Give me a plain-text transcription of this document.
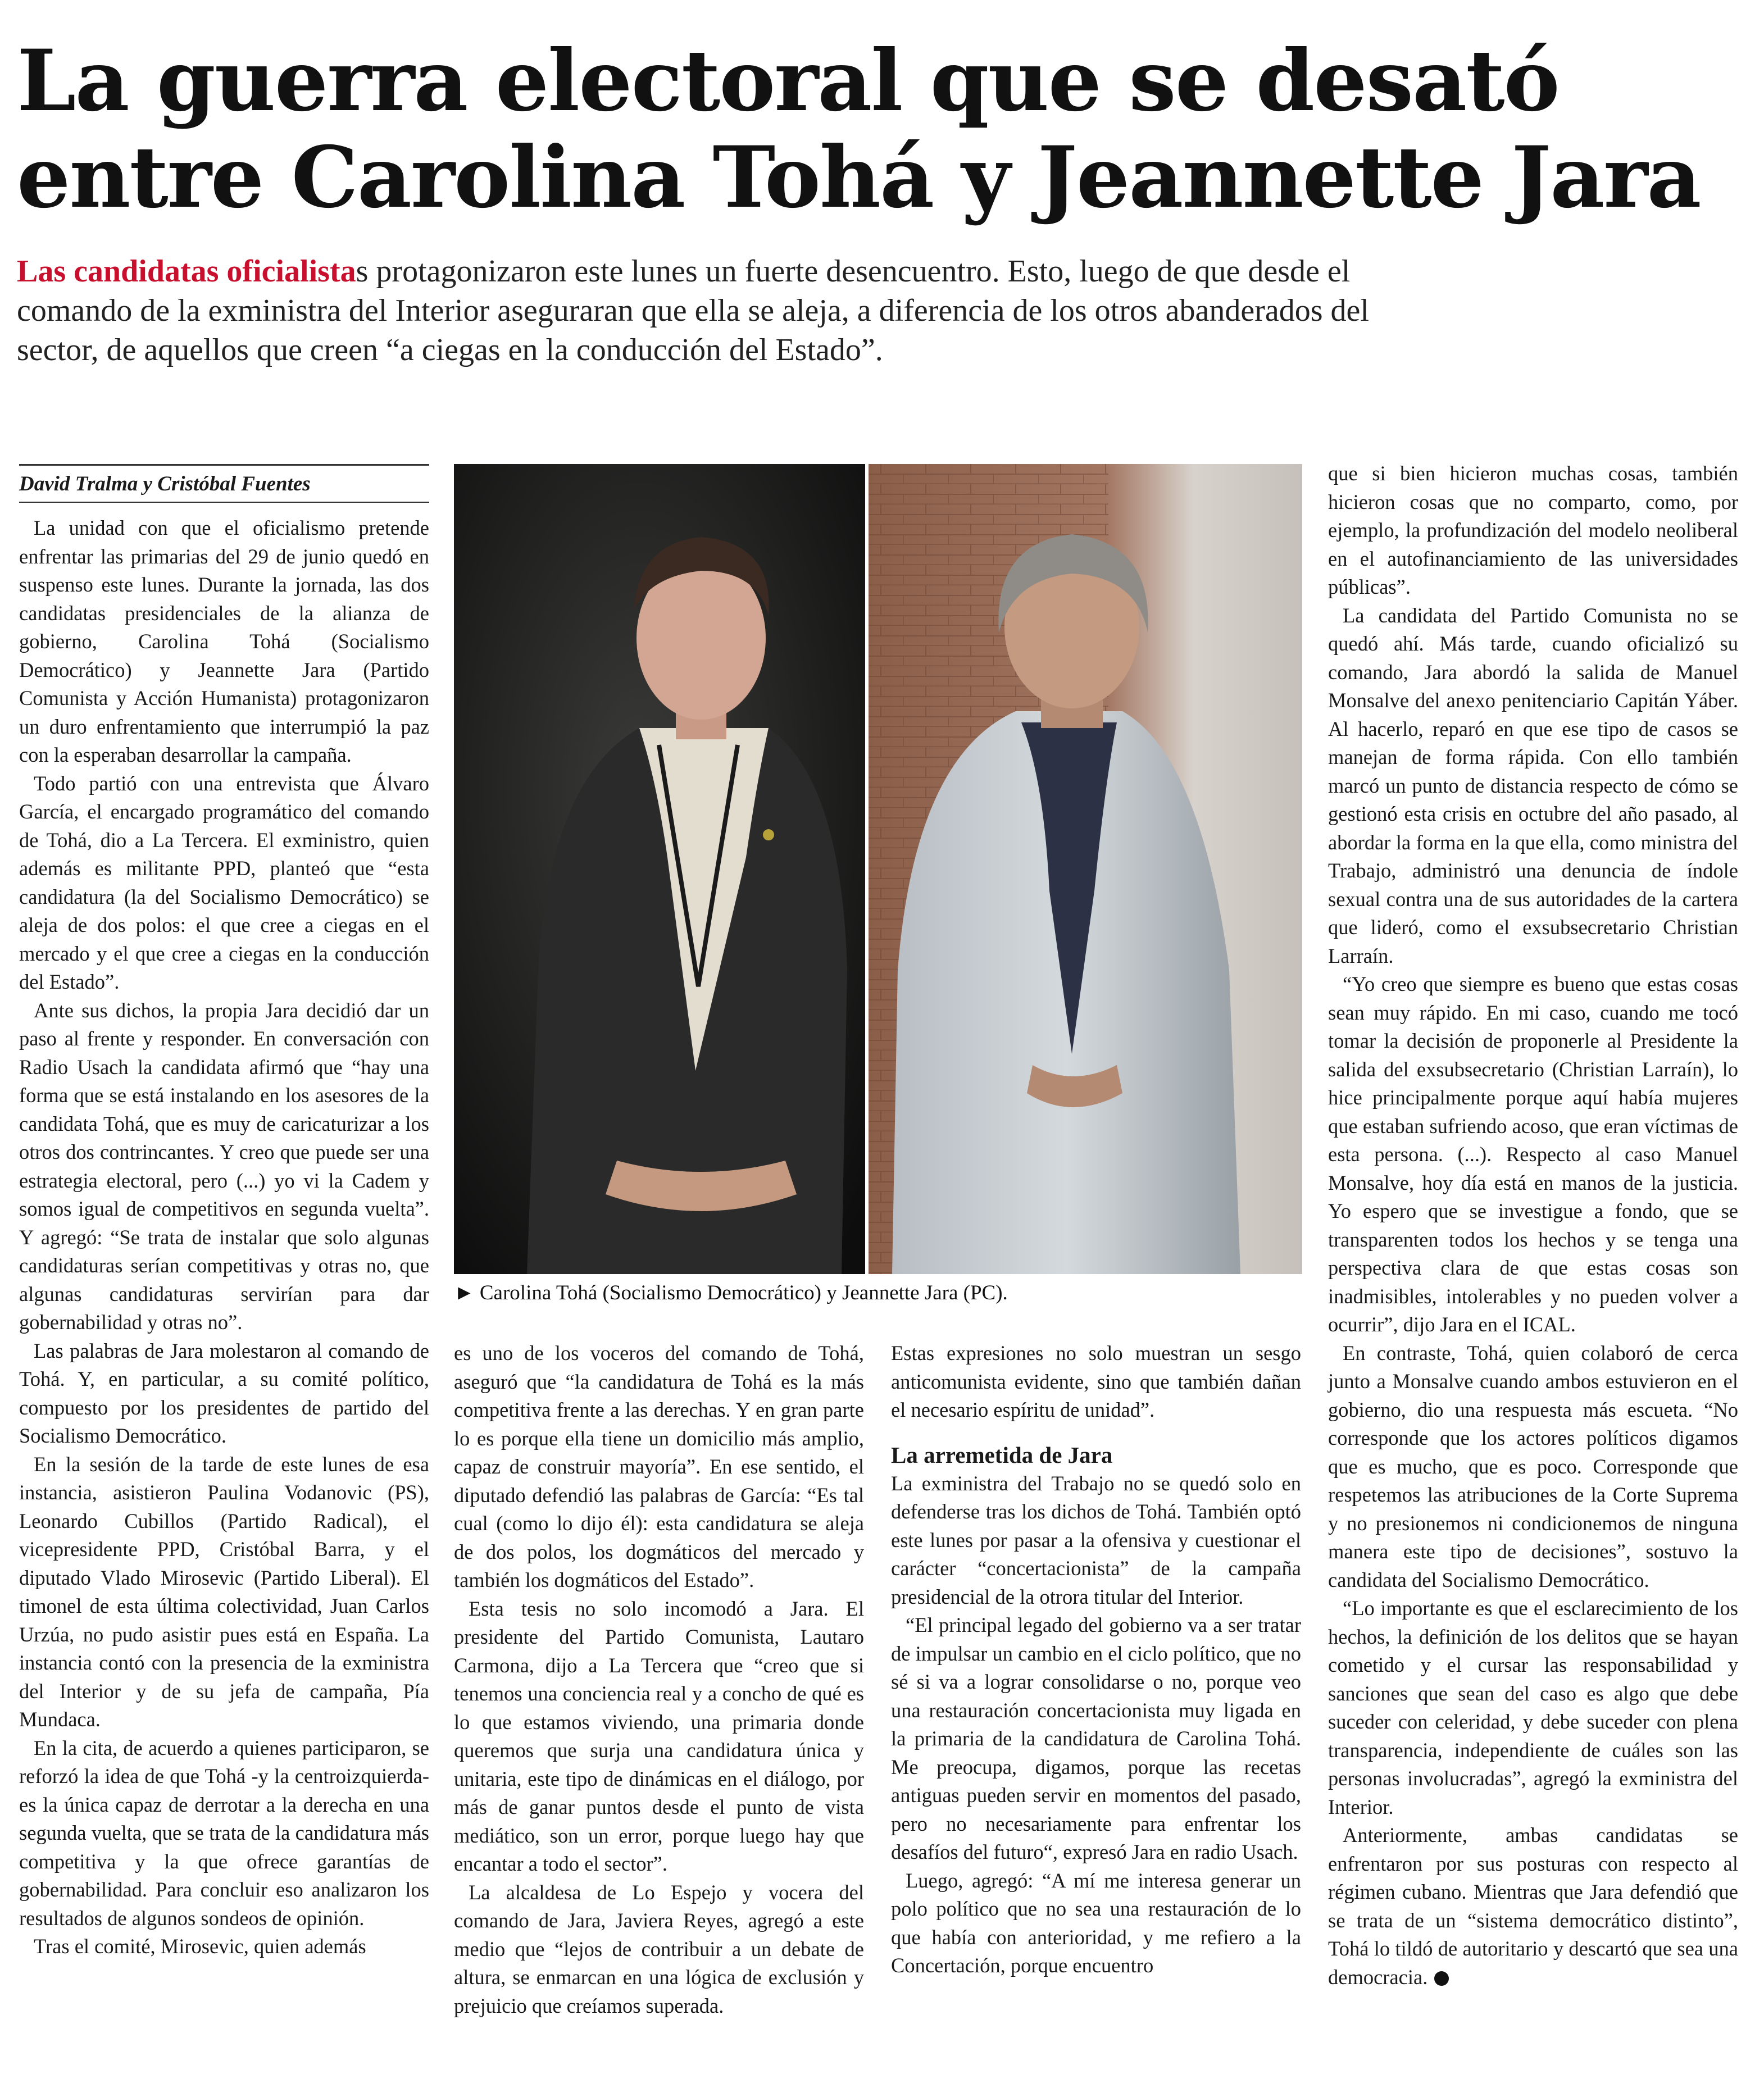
La guerra electoral que se desató
entre Carolina Tohá y Jeannette Jara

Las candidatas oficialistas protagonizaron este lunes un fuerte desencuentro. Esto, luego de que desde el comando de la exministra del Interior aseguraran que ella se aleja, a diferencia de los otros abanderados del sector, de aquellos que creen “a ciegas en la conducción del Estado”.

David Tralma y Cristóbal Fuentes

La unidad con que el oficialismo pretende enfrentar las primarias del 29 de junio quedó en suspenso este lunes. Durante la jornada, las dos candidatas presidenciales de la alianza de gobierno, Carolina Tohá (Socialismo Democrático) y Jeannette Jara (Partido Comunista y Acción Humanista) protagonizaron un duro enfrentamiento que interrumpió la paz con la esperaban desarrollar la campaña.

Todo partió con una entrevista que Álvaro García, el encargado programático del comando de Tohá, dio a La Tercera. El exministro, quien además es militante PPD, planteó que “esta candidatura (la del Socialismo Democrático) se aleja de dos polos: el que cree a ciegas en el mercado y el que cree a ciegas en la conducción del Estado”.

Ante sus dichos, la propia Jara decidió dar un paso al frente y responder. En conversación con Radio Usach la candidata afirmó que “hay una forma que se está instalando en los asesores de la candidata Tohá, que es muy de caricaturizar a los otros dos contrincantes. Y creo que puede ser una estrategia electoral, pero (...) yo vi la Cadem y somos igual de competitivos en segunda vuelta”. Y agregó: “Se trata de instalar que solo algunas candidaturas serían competitivas y otras no, que algunas candidaturas servirían para dar gobernabilidad y otras no”.

Las palabras de Jara molestaron al comando de Tohá. Y, en particular, a su comité político, compuesto por los presidentes de partido del Socialismo Democrático.

En la sesión de la tarde de este lunes de esa instancia, asistieron Paulina Vodanovic (PS), Leonardo Cubillos (Partido Radical), el vicepresidente PPD, Cristóbal Barra, y el diputado Vlado Mirosevic (Partido Liberal). El timonel de esta última colectividad, Juan Carlos Urzúa, no pudo asistir pues está en España. La instancia contó con la presencia de la exministra del Interior y de su jefa de campaña, Pía Mundaca.

En la cita, de acuerdo a quienes participaron, se reforzó la idea de que Tohá -y la centroizquierda- es la única capaz de derrotar a la derecha en una segunda vuelta, que se trata de la candidatura más competitiva y la que ofrece garantías de gobernabilidad. Para concluir eso analizaron los resultados de algunos sondeos de opinión.

Tras el comité, Mirosevic, quien además

► Carolina Tohá (Socialismo Democrático) y Jeannette Jara (PC).

es uno de los voceros del comando de Tohá, aseguró que “la candidatura de Tohá es la más competitiva frente a las derechas. Y en gran parte lo es porque ella tiene un domicilio más amplio, capaz de construir mayoría”. En ese sentido, el diputado defendió las palabras de García: “Es tal cual (como lo dijo él): esta candidatura se aleja de dos polos, los dogmáticos del mercado y también los dogmáticos del Estado”.

Esta tesis no solo incomodó a Jara. El presidente del Partido Comunista, Lautaro Carmona, dijo a La Tercera que “creo que si tenemos una conciencia real y a concho de qué es lo que estamos viviendo, una primaria donde queremos que surja una candidatura única y unitaria, este tipo de dinámicas en el diálogo, por más de ganar puntos desde el punto de vista mediático, son un error, porque luego hay que encantar a todo el sector”.

La alcaldesa de Lo Espejo y vocera del comando de Jara, Javiera Reyes, agregó a este medio que “lejos de contribuir a un debate de altura, se enmarcan en una lógica de exclusión y prejuicio que creíamos superada.

Estas expresiones no solo muestran un sesgo anticomunista evidente, sino que también dañan el necesario espíritu de unidad”.

La arremetida de Jara

La exministra del Trabajo no se quedó solo en defenderse tras los dichos de Tohá. También optó este lunes por pasar a la ofensiva y cuestionar el carácter “concertacionista” de la campaña presidencial de la otrora titular del Interior.

“El principal legado del gobierno va a ser tratar de impulsar un cambio en el ciclo político, que no sé si va a lograr consolidarse o no, porque veo una restauración concertacionista muy ligada en la primaria de la candidatura de Carolina Tohá. Me preocupa, digamos, porque las recetas antiguas pueden servir en momentos del pasado, pero no necesariamente para enfrentar los desafíos del futuro“, expresó Jara en radio Usach.

Luego, agregó: “A mí me interesa generar un polo político que no sea una restauración de lo que había con anterioridad, y me refiero a la Concertación, porque encuentro

que si bien hicieron muchas cosas, también hicieron cosas que no comparto, como, por ejemplo, la profundización del modelo neoliberal en el autofinanciamiento de las universidades públicas”.

La candidata del Partido Comunista no se quedó ahí. Más tarde, cuando oficializó su comando, Jara abordó la salida de Manuel Monsalve del anexo penitenciario Capitán Yáber. Al hacerlo, reparó en que ese tipo de casos se manejan de forma rápida. Con ello también marcó un punto de distancia respecto de cómo se gestionó esta crisis en octubre del año pasado, al abordar la forma en la que ella, como ministra del Trabajo, administró una denuncia de índole sexual contra una de sus autoridades de la cartera que lideró, como el exsubsecretario Christian Larraín.

“Yo creo que siempre es bueno que estas cosas sean muy rápido. En mi caso, cuando me tocó tomar la decisión de proponerle al Presidente la salida del exsubsecretario (Christian Larraín), lo hice principalmente porque aquí había mujeres que estaban sufriendo acoso, que eran víctimas de esta persona. (...). Respecto al caso Manuel Monsalve, hoy día está en manos de la justicia. Yo espero que se investigue a fondo, que se transparenten todos los hechos y se tenga una perspectiva clara de que estas cosas son inadmisibles, intolerables y no pueden volver a ocurrir”, dijo Jara en el ICAL.

En contraste, Tohá, quien colaboró de cerca junto a Monsalve cuando ambos estuvieron en el gobierno, dio una respuesta más escueta. “No corresponde que los actores políticos digamos que es mucho, que es poco. Corresponde que respetemos las atribuciones de la Corte Suprema y no presionemos ni condicionemos de ninguna manera este tipo de decisiones”, sostuvo la candidata del Socialismo Democrático.

“Lo importante es que el esclarecimiento de los hechos, la definición de los delitos que se hayan cometido y el cursar las responsabilidad y sanciones que sean del caso es algo que debe suceder con celeridad, y debe suceder con plena transparencia, independiente de cuáles son las personas involucradas”, agregó la exministra del Interior.

Anteriormente, ambas candidatas se enfrentaron por sus posturas con respecto al régimen cubano. Mientras que Jara defendió que se trata de un “sistema democrático distinto”, Tohá lo tildó de autoritario y descartó que sea una democracia.
